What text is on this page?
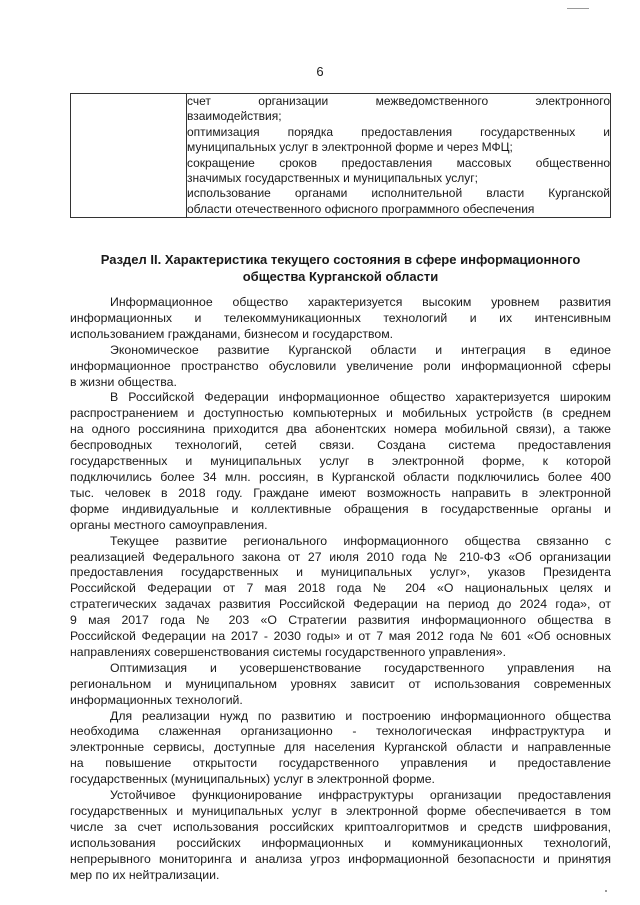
6

счет организации межведомственного электронного
взаимодействия;
оптимизация порядка предоставления государственных и
муниципальных услуг в электронной форме и через МФЦ;
сокращение сроков предоставления массовых общественно
значимых государственных и муниципальных услуг;
использование органами исполнительной власти Курганской
области отечественного офисного программного обеспечения
Раздел II. Характеристика текущего состояния в сфере информационного
общества Курганской области
Информационное общество характеризуется высоким уровнем развития
информационных и телекоммуникационных технологий и их интенсивным
использованием гражданами, бизнесом и государством.
Экономическое развитие Курганской области и интеграция в единое
информационное пространство обусловили увеличение роли информационной сферы
в жизни общества.
В Российской Федерации информационное общество характеризуется широким
распространением и доступностью компьютерных и мобильных устройств (в среднем
на одного россиянина приходится два абонентских номера мобильной связи), а также
беспроводных технологий, сетей связи. Создана система предоставления
государственных и муниципальных услуг в электронной форме, к которой
подключились более 34 млн. россиян, в Курганской области подключились более 400
тыс. человек в 2018 году. Граждане имеют возможность направить в электронной
форме индивидуальные и коллективные обращения в государственные органы и
органы местного самоуправления.
Текущее развитие регионального информационного общества связанно с
реализацией Федерального закона от 27 июля 2010 года № 210-ФЗ «Об организации
предоставления государственных и муниципальных услуг», указов Президента
Российской Федерации от 7 мая 2018 года № 204 «О национальных целях и
стратегических задачах развития Российской Федерации на период до 2024 года», от
9 мая 2017 года № 203 «О Стратегии развития информационного общества в
Российской Федерации на 2017 - 2030 годы» и от 7 мая 2012 года № 601 «Об основных
направлениях совершенствования системы государственного управления».
Оптимизация и усовершенствование государственного управления на
региональном и муниципальном уровнях зависит от использования современных
информационных технологий.
Для реализации нужд по развитию и построению информационного общества
необходима слаженная организационно - технологическая инфраструктура и
электронные сервисы, доступные для населения Курганской области и направленные
на повышение открытости государственного управления и предоставление
государственных (муниципальных) услуг в электронной форме.
Устойчивое функционирование инфраструктуры организации предоставления
государственных и муниципальных услуг в электронной форме обеспечивается в том
числе за счет использования российских криптоалгоритмов и средств шифрования,
использования российских информационных и коммуникационных технологий,
непрерывного мониторинга и анализа угроз информационной безопасности и принятия
мер по их нейтрализации.
